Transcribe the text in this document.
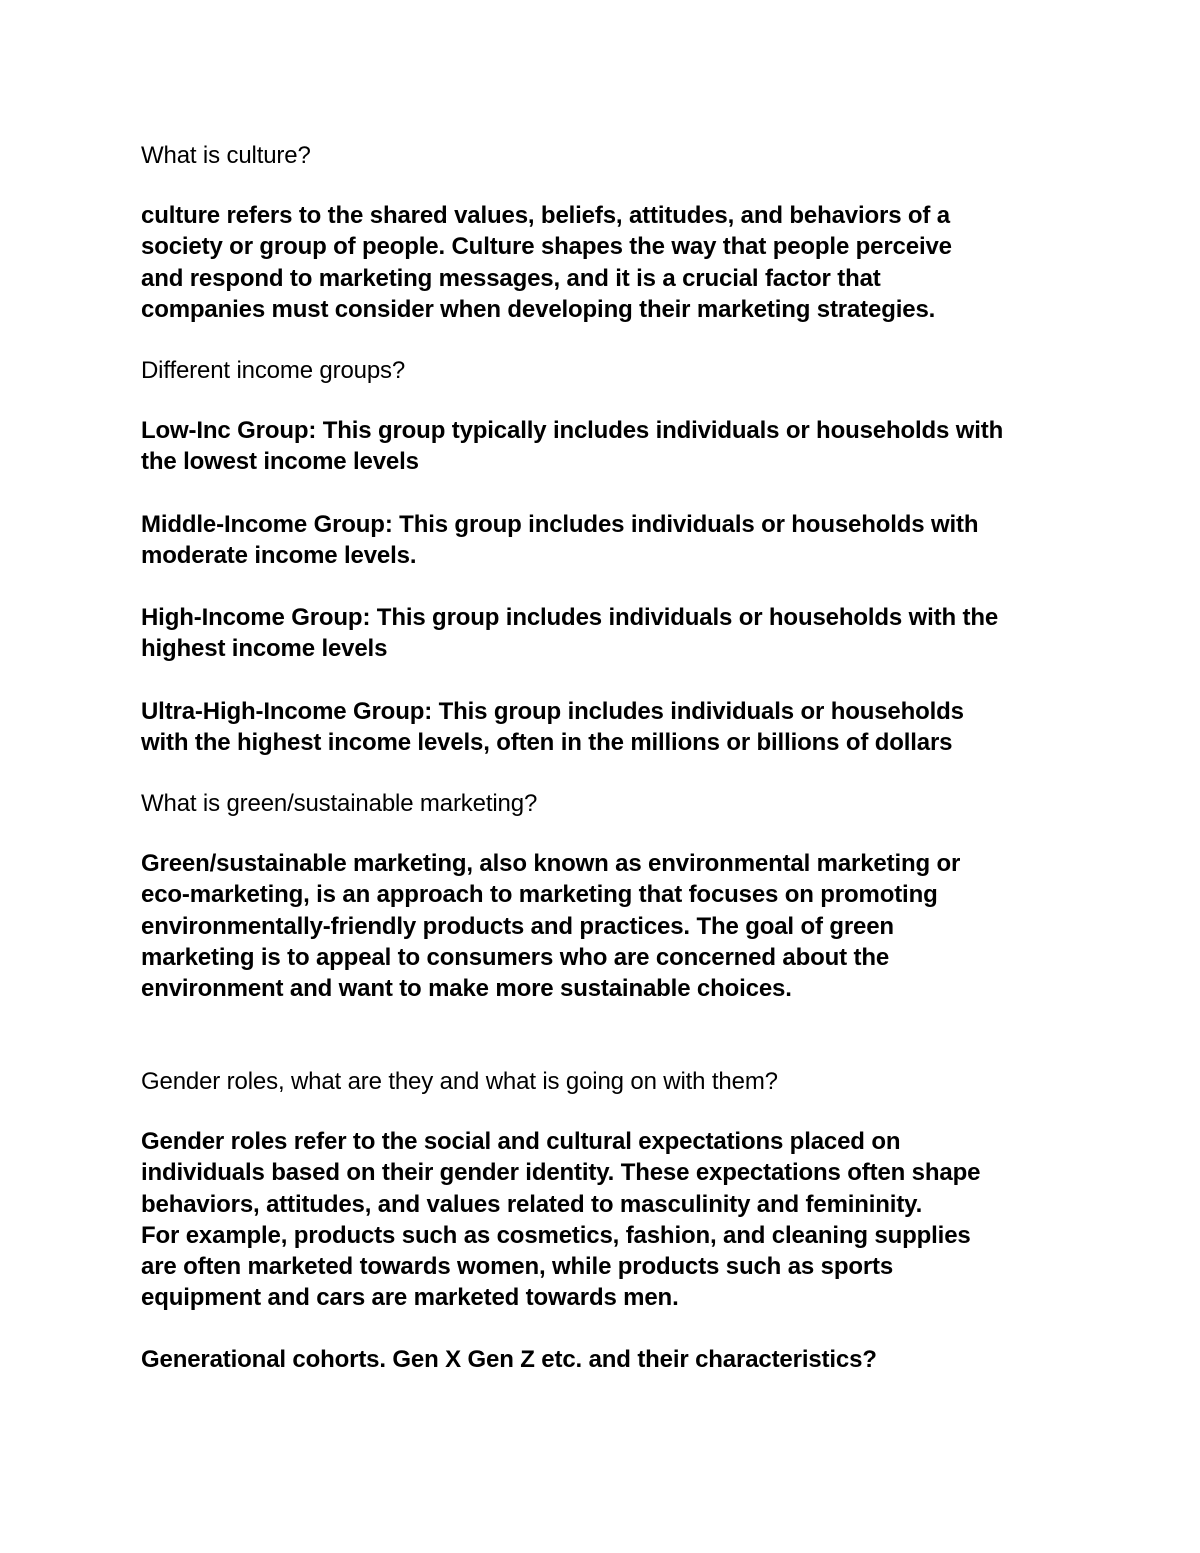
What is culture?

culture refers to the shared values, beliefs, attitudes, and behaviors of a
society or group of people. Culture shapes the way that people perceive
and respond to marketing messages, and it is a crucial factor that
companies must consider when developing their marketing strategies.

Different income groups?

Low-Inc Group: This group typically includes individuals or households with
the lowest income levels

Middle-Income Group: This group includes individuals or households with
moderate income levels.

High-Income Group: This group includes individuals or households with the
highest income levels

Ultra-High-Income Group: This group includes individuals or households
with the highest income levels, often in the millions or billions of dollars

What is green/sustainable marketing?

Green/sustainable marketing, also known as environmental marketing or
eco-marketing, is an approach to marketing that focuses on promoting
environmentally-friendly products and practices. The goal of green
marketing is to appeal to consumers who are concerned about the
environment and want to make more sustainable choices.

Gender roles, what are they and what is going on with them?

Gender roles refer to the social and cultural expectations placed on
individuals based on their gender identity. These expectations often shape
behaviors, attitudes, and values related to masculinity and femininity.
For example, products such as cosmetics, fashion, and cleaning supplies
are often marketed towards women, while products such as sports
equipment and cars are marketed towards men.

Generational cohorts. Gen X Gen Z etc. and their characteristics?
